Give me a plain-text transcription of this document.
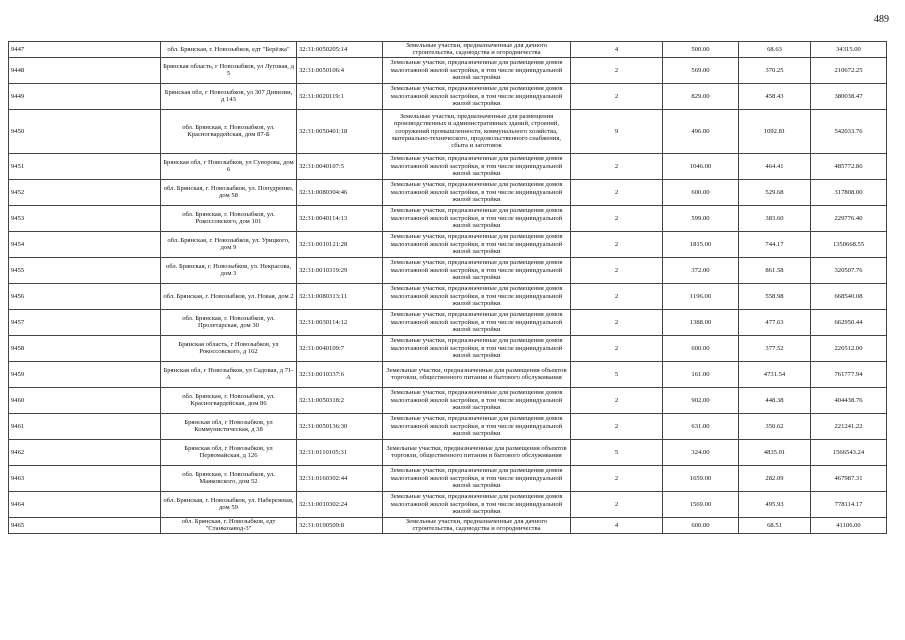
489
9447	обл. Брянская, г. Новозыбков, едт "Берёзка"	32:31:0050205:14	Земельные участки, предназначенные для дачного строительства, садоводства и огородничества	4	500.00	68.63	34315.00
9448	Брянская область, г Новозыбков, ул Луговая, д 5	32:31:0050106:4	Земельные участки, предназначенные для размещения домов малоэтажной жилой застройки, в том числе индивидуальной жилой застройки	2	569.00	370.25	210672.25
9449	Брянская обл, г Новозыбков, ул 307 Дивизии, д 143	32:31:0020119:1	Земельные участки, предназначенные для размещения домов малоэтажной жилой застройки, в том числе индивидуальной жилой застройки	2	829.00	458.43	380038.47
9450	обл. Брянская, г. Новозыбков, ул. Красногвардейская, дом 87-Б	32:31:0050401:18	Земельные участки, предназначенные для размещения производственных и административных зданий, строений, сооружений промышленности, коммунального хозяйства, материально-технического, продовольственного снабжения, сбыта и заготовок	9	496.00	1092.81	542033.76
9451	Брянская обл, г Новозыбков, ул Суворова, дом 6	32:31:0040107:5	Земельные участки, предназначенные для размещения домов малоэтажной жилой застройки, в том числе индивидуальной жилой застройки	2	1046.00	464.41	485772.86
9452	обл. Брянская, г. Новозыбков, ул. Попудренко, дом 58	32:31:0080304:46	Земельные участки, предназначенные для размещения домов малоэтажной жилой застройки, в том числе индивидуальной жилой застройки	2	600.00	529.68	317808.00
9453	обл. Брянская, г. Новозыбков, ул. Рокоссовского, дом 101	32:31:0040114:13	Земельные участки, предназначенные для размещения домов малоэтажной жилой застройки, в том числе индивидуальной жилой застройки	2	599.00	383.60	229776.40
9454	обл. Брянская, г. Новозыбков, ул. Урицкого, дом 9	32:31:0010121:28	Земельные участки, предназначенные для размещения домов малоэтажной жилой застройки, в том числе индивидуальной жилой застройки	2	1815.00	744.17	1350668.55
9455	обл. Брянская, г. Новозыбков, ул. Некрасова, дом 3	32:31:0010319:29	Земельные участки, предназначенные для размещения домов малоэтажной жилой застройки, в том числе индивидуальной жилой застройки	2	372.00	861.58	320507.76
9456	обл. Брянская, г. Новозыбков, ул. Новая, дом 2	32:31:0080313:11	Земельные участки, предназначенные для размещения домов малоэтажной жилой застройки, в том числе индивидуальной жилой застройки	2	1196.00	558.98	668540.08
9457	обл. Брянская, г. Новозыбков, ул. Пролетарская, дом 30	32:31:0030114:12	Земельные участки, предназначенные для размещения домов малоэтажной жилой застройки, в том числе индивидуальной жилой застройки	2	1388.00	477.63	662950.44
9458	Брянская область, г Новозыбков, ул Рокоссовского, д 162	32:31:0040109:7	Земельные участки, предназначенные для размещения домов малоэтажной жилой застройки, в том числе индивидуальной жилой застройки	2	600.00	377.52	226512.00
9459	Брянская обл, г Новозыбков, ул Садовая, д 71-А	32:31:0010337:6	Земельные участки, предназначенные для размещения объектов торговли, общественного питания и бытового обслуживания	5	161.00	4731.54	761777.94
9460	обл. Брянская, г. Новозыбков, ул. Красногвардейская, дом 86	32:31:0050318:2	Земельные участки, предназначенные для размещения домов малоэтажной жилой застройки, в том числе индивидуальной жилой застройки	2	902.00	448.38	404438.76
9461	Брянская обл, г Новозыбков, ул Коммунистическая, д 38	32:31:0050136:30	Земельные участки, предназначенные для размещения домов малоэтажной жилой застройки, в том числе индивидуальной жилой застройки	2	631.00	350.62	221241.22
9462	Брянская обл, г Новозыбков, ул Первомайская, д 126	32:31:0110105:31	Земельные участки, предназначенные для размещения объектов торговли, общественного питания и бытового обслуживания	5	324.00	4835.01	1566543.24
9463	обл. Брянская, г. Новозыбков, ул. Маяковского, дом 52	32:31:0160302:44	Земельные участки, предназначенные для размещения домов малоэтажной жилой застройки, в том числе индивидуальной жилой застройки	2	1659.00	282.09	467987.31
9464	обл. Брянская, г. Новозыбков, ул. Набережная, дом 59	32:31:0010302:24	Земельные участки, предназначенные для размещения домов малоэтажной жилой застройки, в том числе индивидуальной жилой застройки	2	1569.00	495.93	778114.17
9465	обл. Брянская, г. Новозыбков, едт "Станкозавод-3"	32:31:0190509:8	Земельные участки, предназначенные для дачного строительства, садоводства и огородничества	4	600.00	68.51	41106.00
